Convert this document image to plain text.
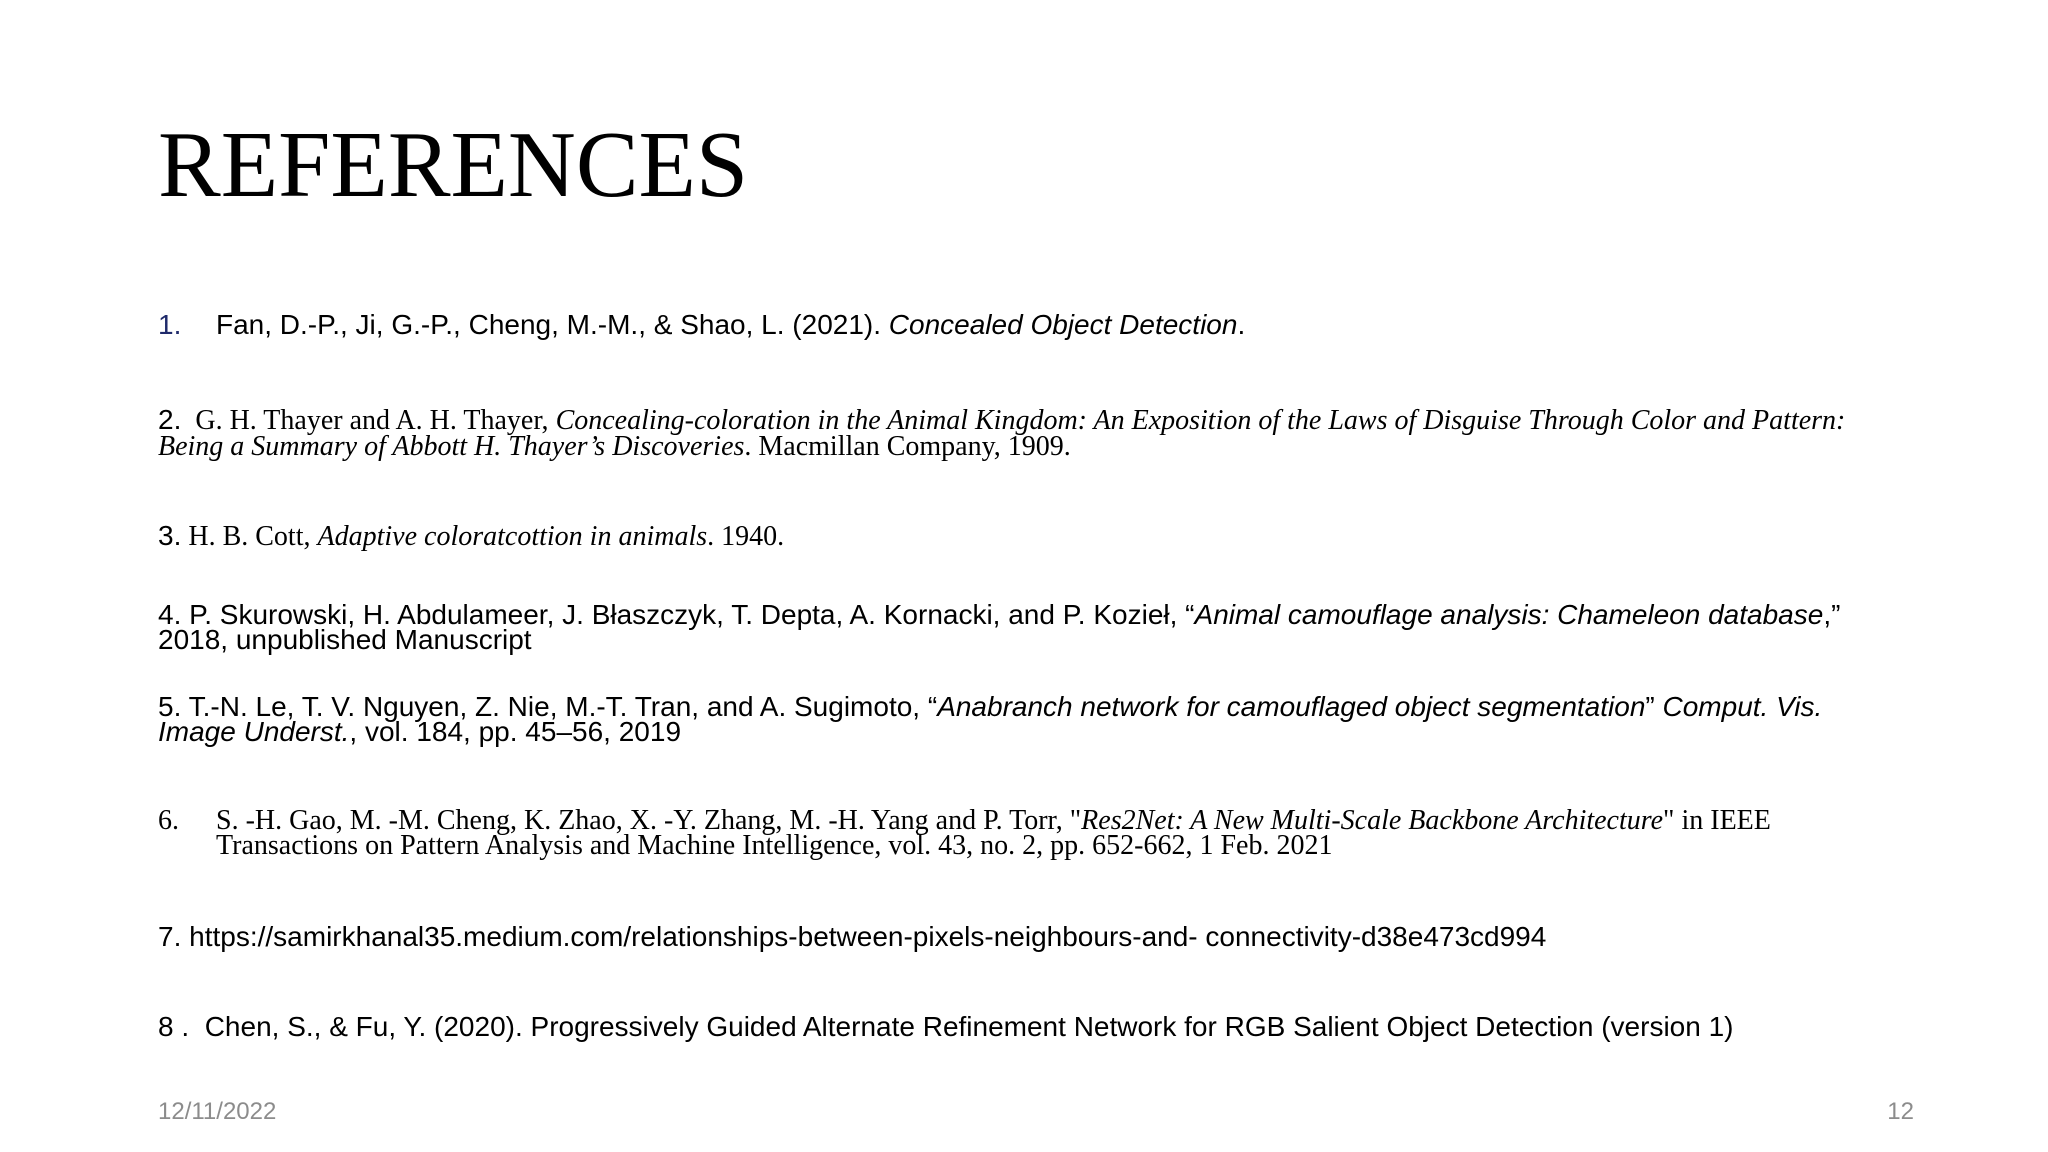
REFERENCES
1. Fan, D.-P., Ji, G.-P., Cheng, M.-M., & Shao, L. (2021). Concealed Object Detection.
2. G. H. Thayer and A. H. Thayer, Concealing-coloration in the Animal Kingdom: An Exposition of the Laws of Disguise Through Color and Pattern:
Being a Summary of Abbott H. Thayer’s Discoveries. Macmillan Company, 1909.
3. H. B. Cott, Adaptive coloratcottion in animals. 1940.
4. P. Skurowski, H. Abdulameer, J. Błaszczyk, T. Depta, A. Kornacki, and P. Kozieł, “Animal camouflage analysis: Chameleon database,”
2018, unpublished Manuscript
5. T.-N. Le, T. V. Nguyen, Z. Nie, M.-T. Tran, and A. Sugimoto, “Anabranch network for camouflaged object segmentation” Comput. Vis.
Image Underst., vol. 184, pp. 45–56, 2019
6. S. -H. Gao, M. -M. Cheng, K. Zhao, X. -Y. Zhang, M. -H. Yang and P. Torr, "Res2Net: A New Multi-Scale Backbone Architecture" in IEEE
Transactions on Pattern Analysis and Machine Intelligence, vol. 43, no. 2, pp. 652-662, 1 Feb. 2021
7. https://samirkhanal35.medium.com/relationships-between-pixels-neighbours-and- connectivity-d38e473cd994
8 . Chen, S., & Fu, Y. (2020). Progressively Guided Alternate Refinement Network for RGB Salient Object Detection (version 1)
12/11/2022	12
